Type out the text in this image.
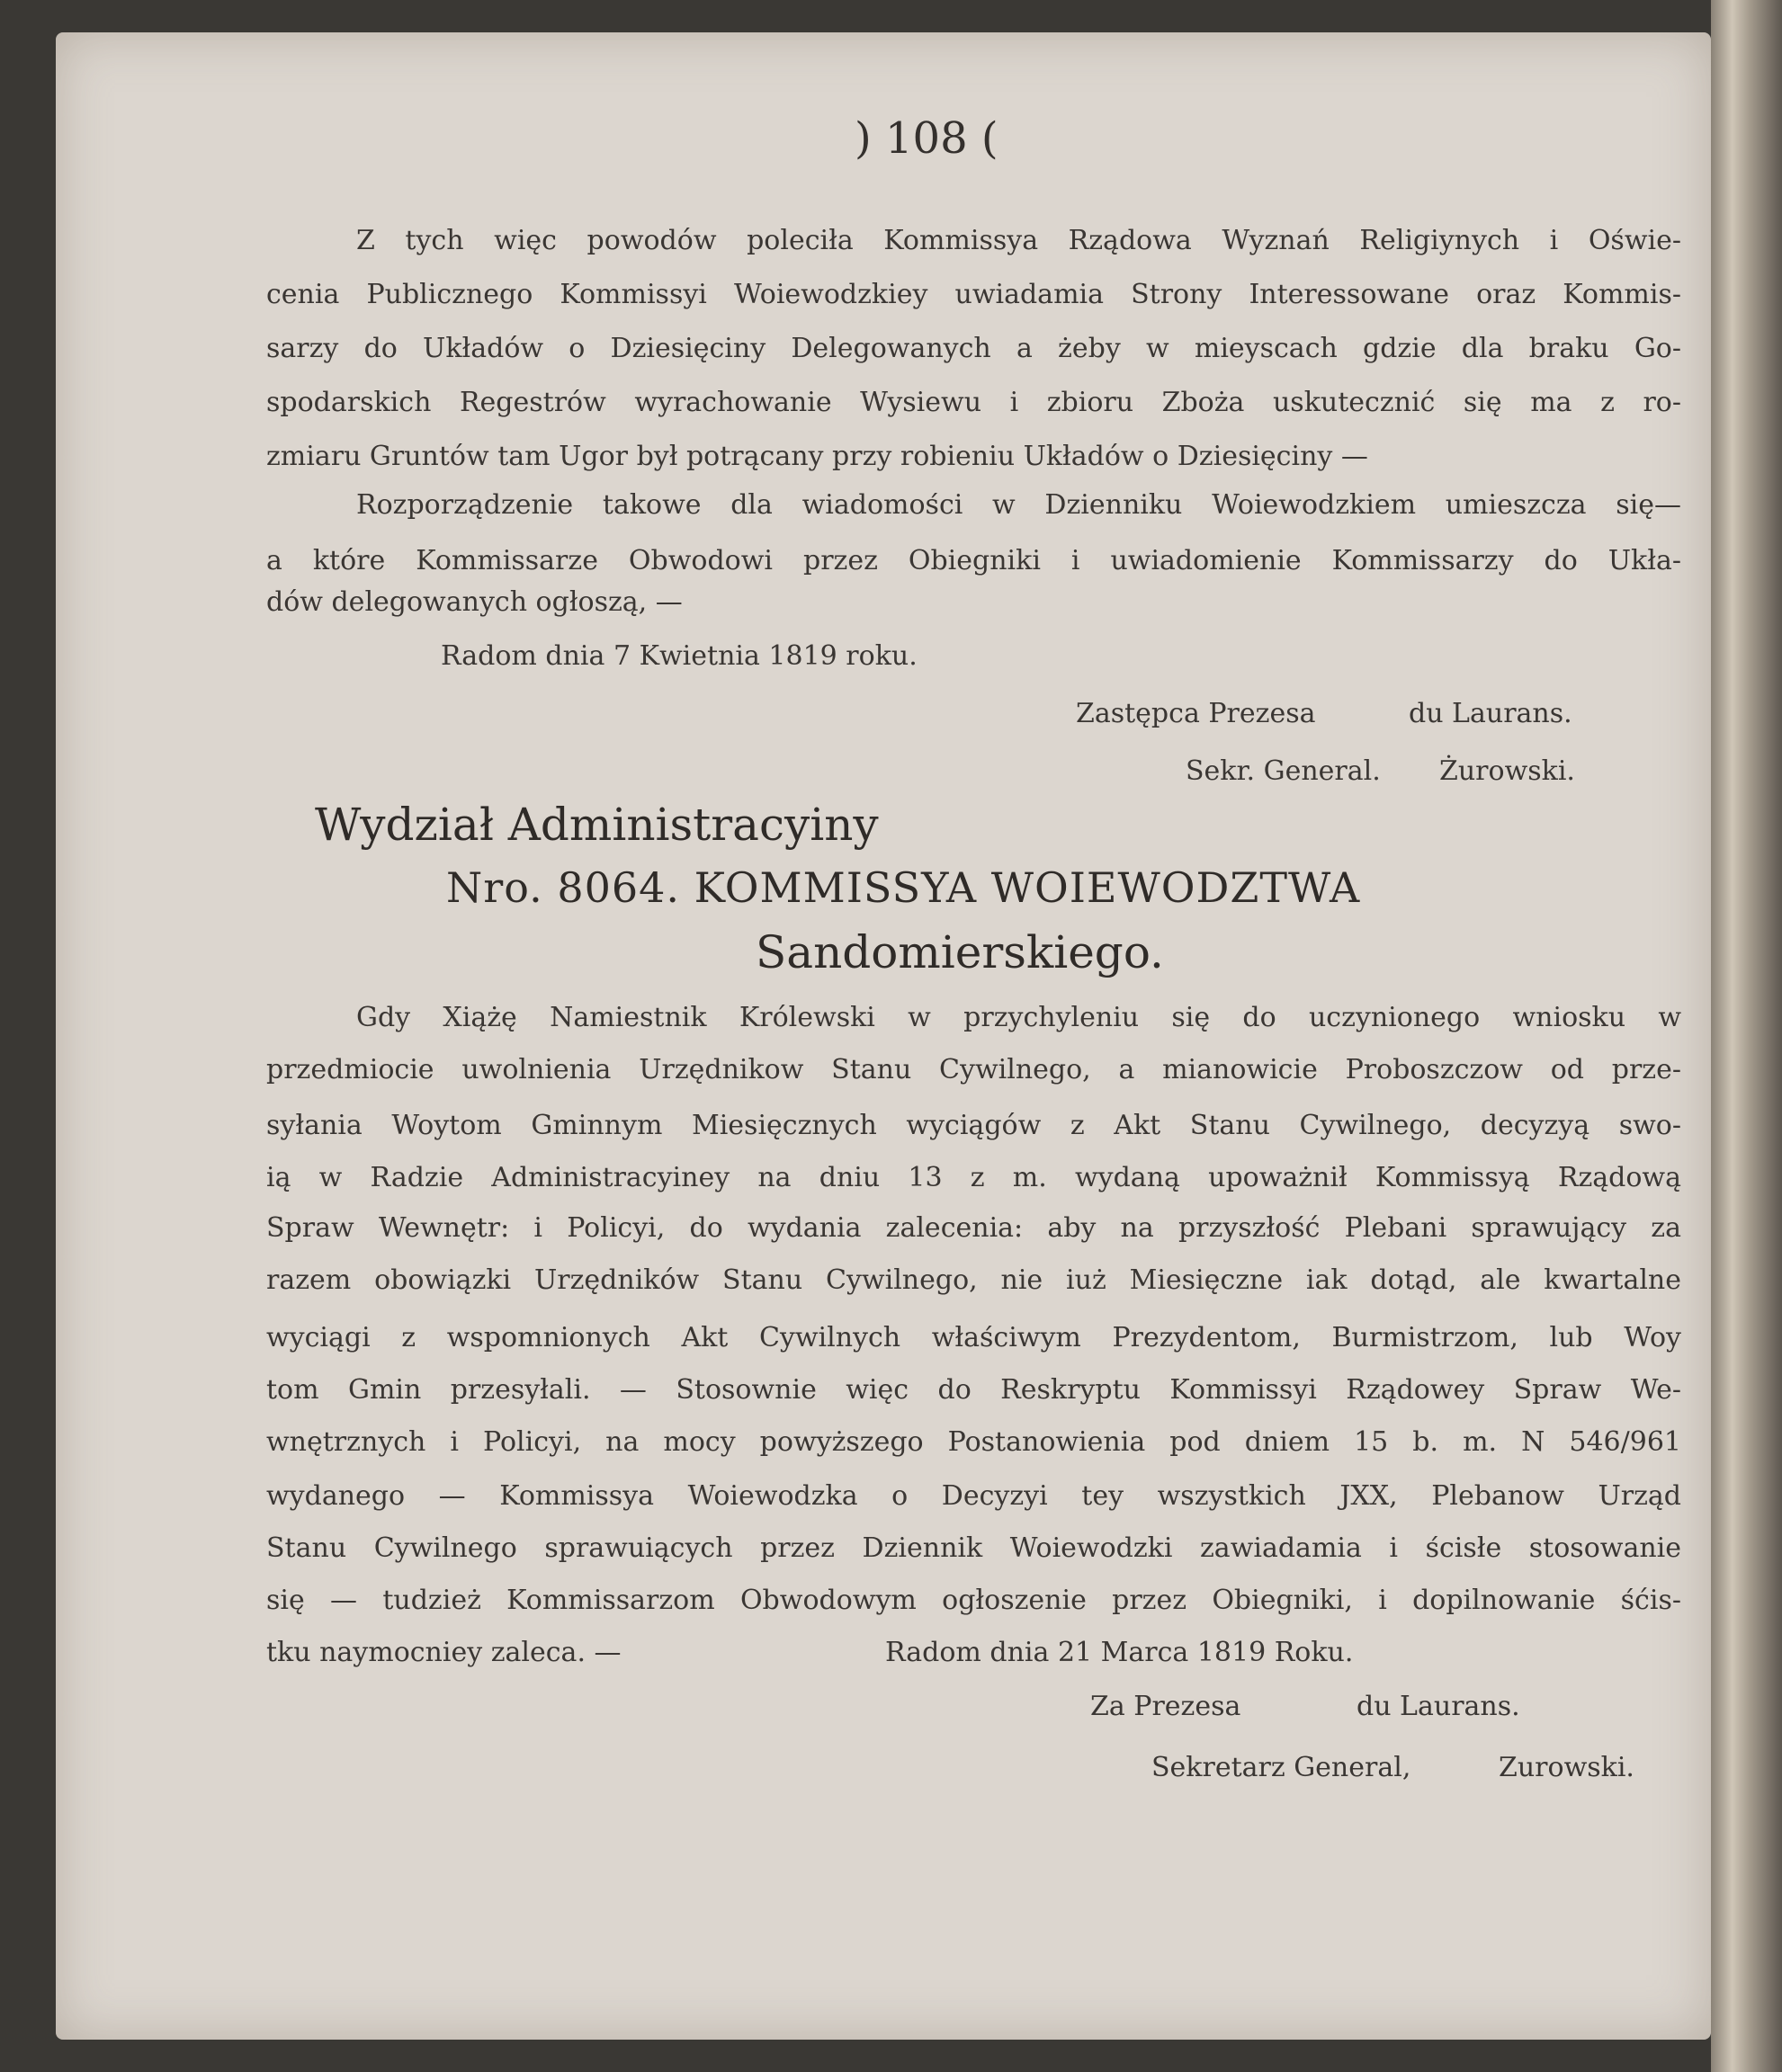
) 108 (
Z tych więc powodów poleciła Kommissya Rządowa Wyznań Religiynych i Oświe-
cenia Publicznego Kommissyi Woiewodzkiey uwiadamia Strony Interessowane oraz Kommis-
sarzy do Układów o Dziesięciny Delegowanych a żeby w mieyscach gdzie dla braku Go-
spodarskich Regestrów wyrachowanie Wysiewu i zbioru Zboża uskutecznić się ma z ro-
zmiaru Gruntów tam Ugor był potrącany przy robieniu Układów o Dziesięciny —
Rozporządzenie takowe dla wiadomości w Dzienniku Woiewodzkiem umieszcza się—
a które Kommissarze Obwodowi przez Obiegniki i uwiadomienie Kommissarzy do Ukła-
dów delegowanych ogłoszą, —
Radom dnia 7 Kwietnia 1819 roku.
Zastępca Prezesa	du Laurans.
Sekr. General. Żurowski.
Wydział Administracyiny
Nro. 8064. KOMMISSYA WOIEWODZTWA
Sandomierskiego.
Gdy Xiążę Namiestnik Królewski w przychyleniu się do uczynionego wniosku w
przedmiocie uwolnienia Urzędnikow Stanu Cywilnego, a mianowicie Proboszczow od prze-
syłania Woytom Gminnym Miesięcznych wyciągów z Akt Stanu Cywilnego, decyzyą swo-
ią w Radzie Administracyiney na dniu 13 z m. wydaną upoważnił Kommissyą Rządową
Spraw Wewnętr: i Policyi, do wydania zalecenia: aby na przyszłość Plebani sprawujący za
razem obowiązki Urzędników Stanu Cywilnego, nie iuż Miesięczne iak dotąd, ale kwartalne
wyciągi z wspomnionych Akt Cywilnych właściwym Prezydentom, Burmistrzom, lub Woy
tom Gmin przesyłali. — Stosownie więc do Reskryptu Kommissyi Rządowey Spraw We-
wnętrznych i Policyi, na mocy powyższego Postanowienia pod dniem 15 b. m. N 546/961
wydanego — Kommissya Woiewodzka o Decyzyi tey wszystkich JXX, Plebanow Urząd
Stanu Cywilnego sprawuiących przez Dziennik Woiewodzki zawiadamia i ścisłe stosowanie
się — tudzież Kommissarzom Obwodowym ogłoszenie przez Obiegniki, i dopilnowanie śćis-
tku naymocniey zaleca. —	Radom dnia 21 Marca 1819 Roku.
Za Prezesa	du Laurans.
Sekretarz General,	Zurowski.
